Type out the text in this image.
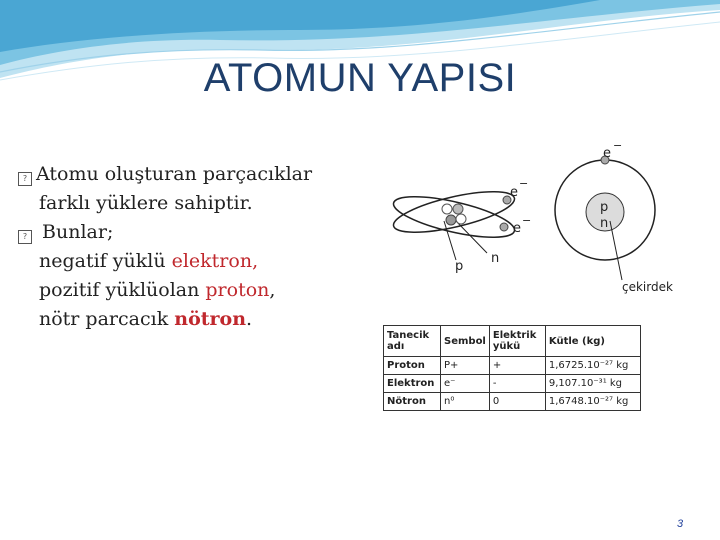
ATOMUN YAPISI
? Atomu oluşturan parçacıklar
farklı yüklere sahiptir.
? Bunlar;
negatif yüklü elektron,
pozitif yüklüolan proton,
nötr parcacık nötron.
e
−
e
−
p
n
e
−
p
n
çekirdek
Tanecik adı	Sembol	Elektrik yükü	Kütle (kg)
Proton	P+	+	1,6725.10⁻²⁷ kg
Elektron	e⁻	-	9,107.10⁻³¹ kg
Nötron	n⁰	0	1,6748.10⁻²⁷ kg
3
